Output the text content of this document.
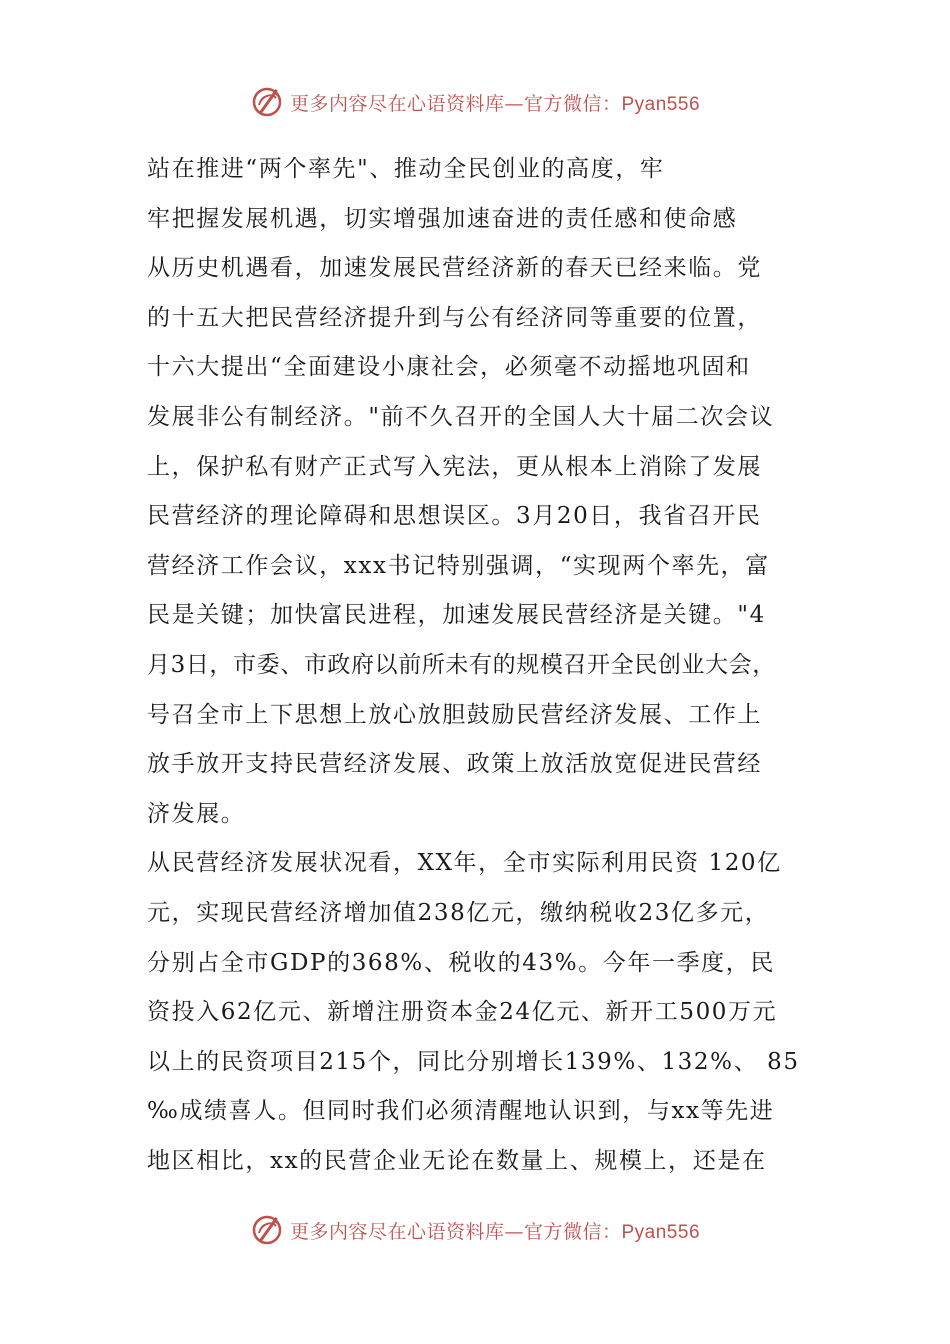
更多内容尽在心语资料库—官方微信：Pyan556
站在推进“两个率先"、推动全民创业的高度，牢
牢把握发展机遇，切实增强加速奋进的责任感和使命感
从历史机遇看，加速发展民营经济新的春天已经来临。党
的十五大把民营经济提升到与公有经济同等重要的位置，
十六大提出“全面建设小康社会，必须毫不动摇地巩固和
发展非公有制经济。"前不久召开的全国人大十届二次会议
上，保护私有财产正式写入宪法，更从根本上消除了发展
民营经济的理论障碍和思想误区。3月20日，我省召开民
营经济工作会议，xxx书记特别强调，“实现两个率先，富
民是关键；加快富民进程，加速发展民营经济是关键。"4
月3日，市委、市政府以前所未有的规模召开全民创业大会，
号召全市上下思想上放心放胆鼓励民营经济发展、工作上
放手放开支持民营经济发展、政策上放活放宽促进民营经
济发展。
从民营经济发展状况看，XX年，全市实际利用民资 120亿
元，实现民营经济增加值238亿元，缴纳税收23亿多元，
分别占全市GDP的368%、税收的43%。今年一季度，民
资投入62亿元、新增注册资本金24亿元、新开工500万元
以上的民资项目215个，同比分别增长139%、132%、 85
‰成绩喜人。但同时我们必须清醒地认识到，与xx等先进
地区相比，xx的民营企业无论在数量上、规模上，还是在
更多内容尽在心语资料库—官方微信：Pyan556
